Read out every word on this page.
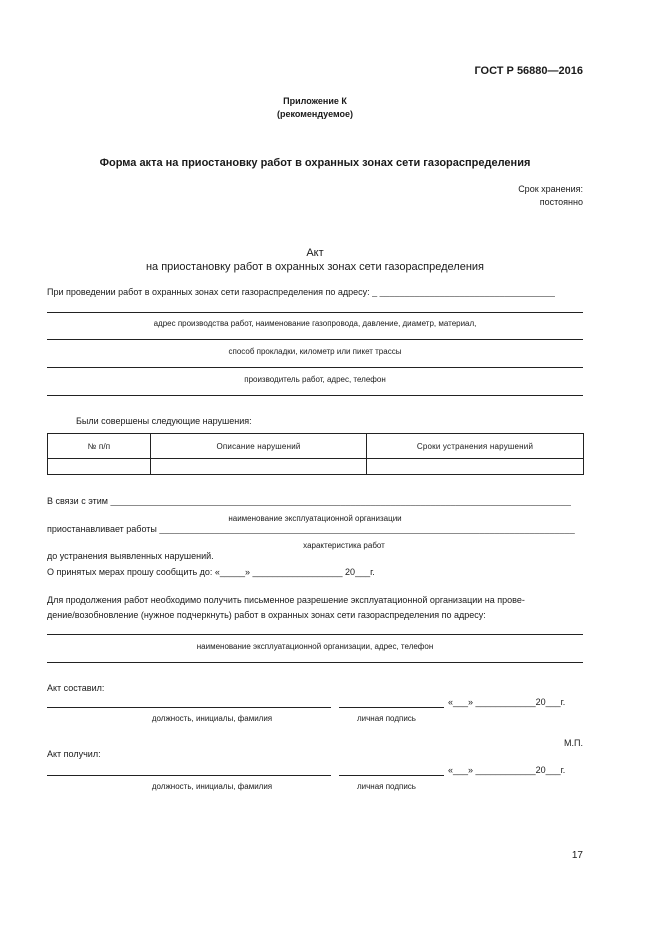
ГОСТ Р 56880—2016
Приложение К
(рекомендуемое)
Форма акта на приостановку работ в охранных зонах сети газораспределения
Срок хранения:
постоянно
Акт
на приостановку работ в охранных зонах сети газораспределения
При проведении работ в охранных зонах сети газораспределения по адресу: _ ___________________________________
адрес производства работ, наименование газопровода, давление, диаметр, материал,
способ прокладки, километр или пикет трассы
производитель работ, адрес, телефон
Были совершены следующие нарушения:
№ п/п	Описание нарушений	Сроки устранения нарушений

В связи с этим ____________________________________________________________________________________________
наименование эксплуатационной организации
приостанавливает работы ___________________________________________________________________________________
характеристика работ
до устранения выявленных нарушений.
О принятых мерах прошу сообщить до: «_____» __________________ 20___г.
Для продолжения работ необходимо получить письменное разрешение эксплуатационной организации на прове-
дение/возобновление (нужное подчеркнуть) работ в охранных зонах сети газораспределения по адресу:
наименование эксплуатационной организации, адрес, телефон
Акт составил:
«___» ____________20___г.
должность, инициалы, фамилия	личная подпись
М.П.
Акт получил:
«___» ____________20___г.
должность, инициалы, фамилия	личная подпись
17
